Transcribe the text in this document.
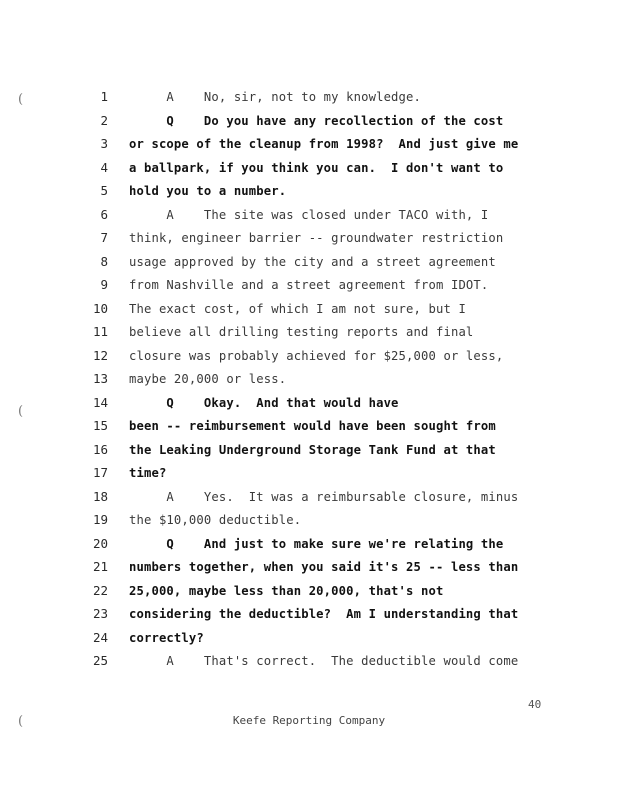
(
(
(
1 A    No, sir, not to my knowledge.
2 Q    Do you have any recollection of the cost
3 or scope of the cleanup from 1998?  And just give me
4 a ballpark, if you think you can.  I don't want to
5 hold you to a number.
6 A    The site was closed under TACO with, I
7 think, engineer barrier -- groundwater restriction
8 usage approved by the city and a street agreement
9 from Nashville and a street agreement from IDOT.
10 The exact cost, of which I am not sure, but I
11 believe all drilling testing reports and final
12 closure was probably achieved for $25,000 or less,
13 maybe 20,000 or less.
14 Q    Okay.  And that would have
15 been -- reimbursement would have been sought from
16 the Leaking Underground Storage Tank Fund at that
17 time?
18 A    Yes.  It was a reimbursable closure, minus
19 the $10,000 deductible.
20 Q    And just to make sure we're relating the
21 numbers together, when you said it's 25 -- less than
22 25,000, maybe less than 20,000, that's not
23 considering the deductible?  Am I understanding that
24 correctly?
25 A    That's correct.  The deductible would come
40
Keefe Reporting Company
